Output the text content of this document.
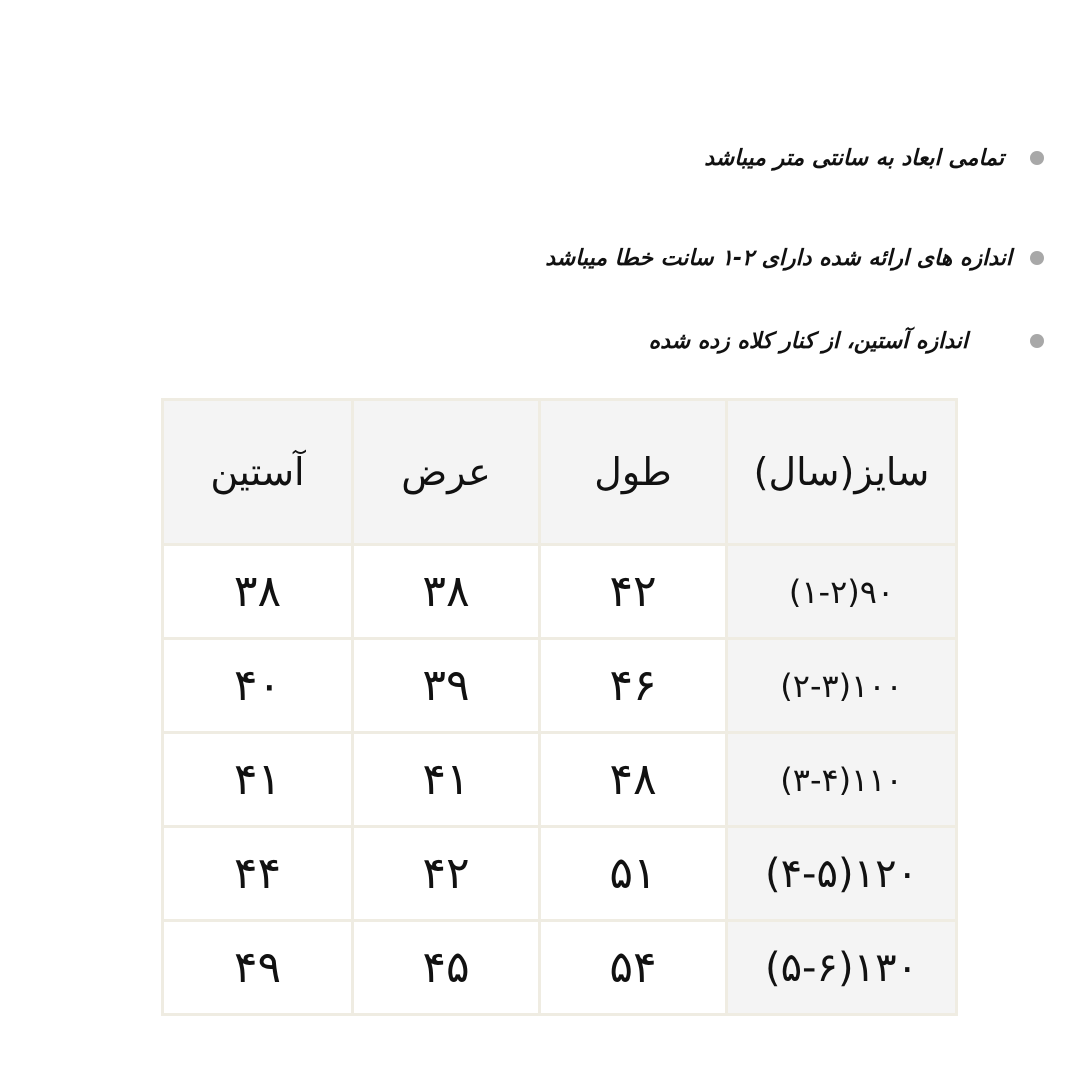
تمامی ابعاد به سانتی متر میباشد
اندازه های ارائه شده دارای ۲-۱ سانت خطا میباشد
اندازه آستین، از کنار کلاه زده شده
سایز(سال)	طول	عرض	آستین
۹۰(۱-۲)	۴۲	۳۸	۳۸
۱۰۰(۲-۳)	۴۶	۳۹	۴۰
۱۱۰(۳-۴)	۴۸	۴۱	۴۱
۱۲۰(۴-۵)	۵۱	۴۲	۴۴
۱۳۰(۵-۶)	۵۴	۴۵	۴۹
